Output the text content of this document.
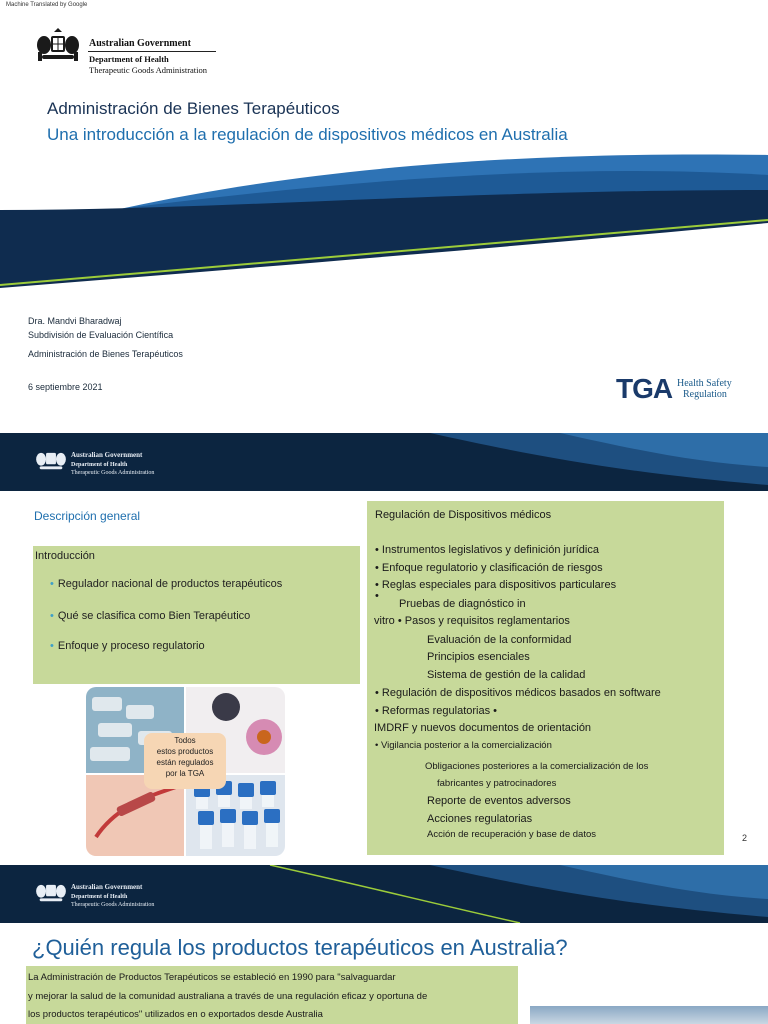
Machine Translated by Google
Australian Government
Department of Health
Therapeutic Goods Administration
Administración de Bienes Terapéuticos
Una introducción a la regulación de dispositivos médicos en Australia
Dra. Mandvi Bharadwaj
Subdivisión de Evaluación Científica
Administración de Bienes Terapéuticos
6 septiembre 2021	TGA Health Safety
Regulation
Australian Government
Department of Health
Therapeutic Goods Administration
Descripción general
Introducción
• Regulador nacional de productos terapéuticos
• Qué se clasifica como Bien Terapéutico
• Enfoque y proceso regulatorio
Regulación de Dispositivos médicos
• Instrumentos legislativos y definición jurídica
• Enfoque regulatorio y clasificación de riesgos
• Reglas especiales para dispositivos particulares
•
Pruebas de diagnóstico in
vitro • Pasos y requisitos reglamentarios
Evaluación de la conformidad
Principios esenciales
Sistema de gestión de la calidad
• Regulación de dispositivos médicos basados en software
• Reformas regulatorias •
IMDRF y nuevos documentos de orientación
• Vigilancia posterior a la comercialización
Obligaciones posteriores a la comercialización de los
fabricantes y patrocinadores
Reporte de eventos adversos
Acciones regulatorias
Acción de recuperación y base de datos
Todos
estos productos
están regulados
por la TGA
2
Australian Government
Department of Health
Therapeutic Goods Administration
¿Quién regula los productos terapéuticos en Australia?
La Administración de Productos Terapéuticos se estableció en 1990 para "salvaguardar
y mejorar la salud de la comunidad australiana a través de una regulación eficaz y oportuna de
los productos terapéuticos" utilizados en o exportados desde Australia
